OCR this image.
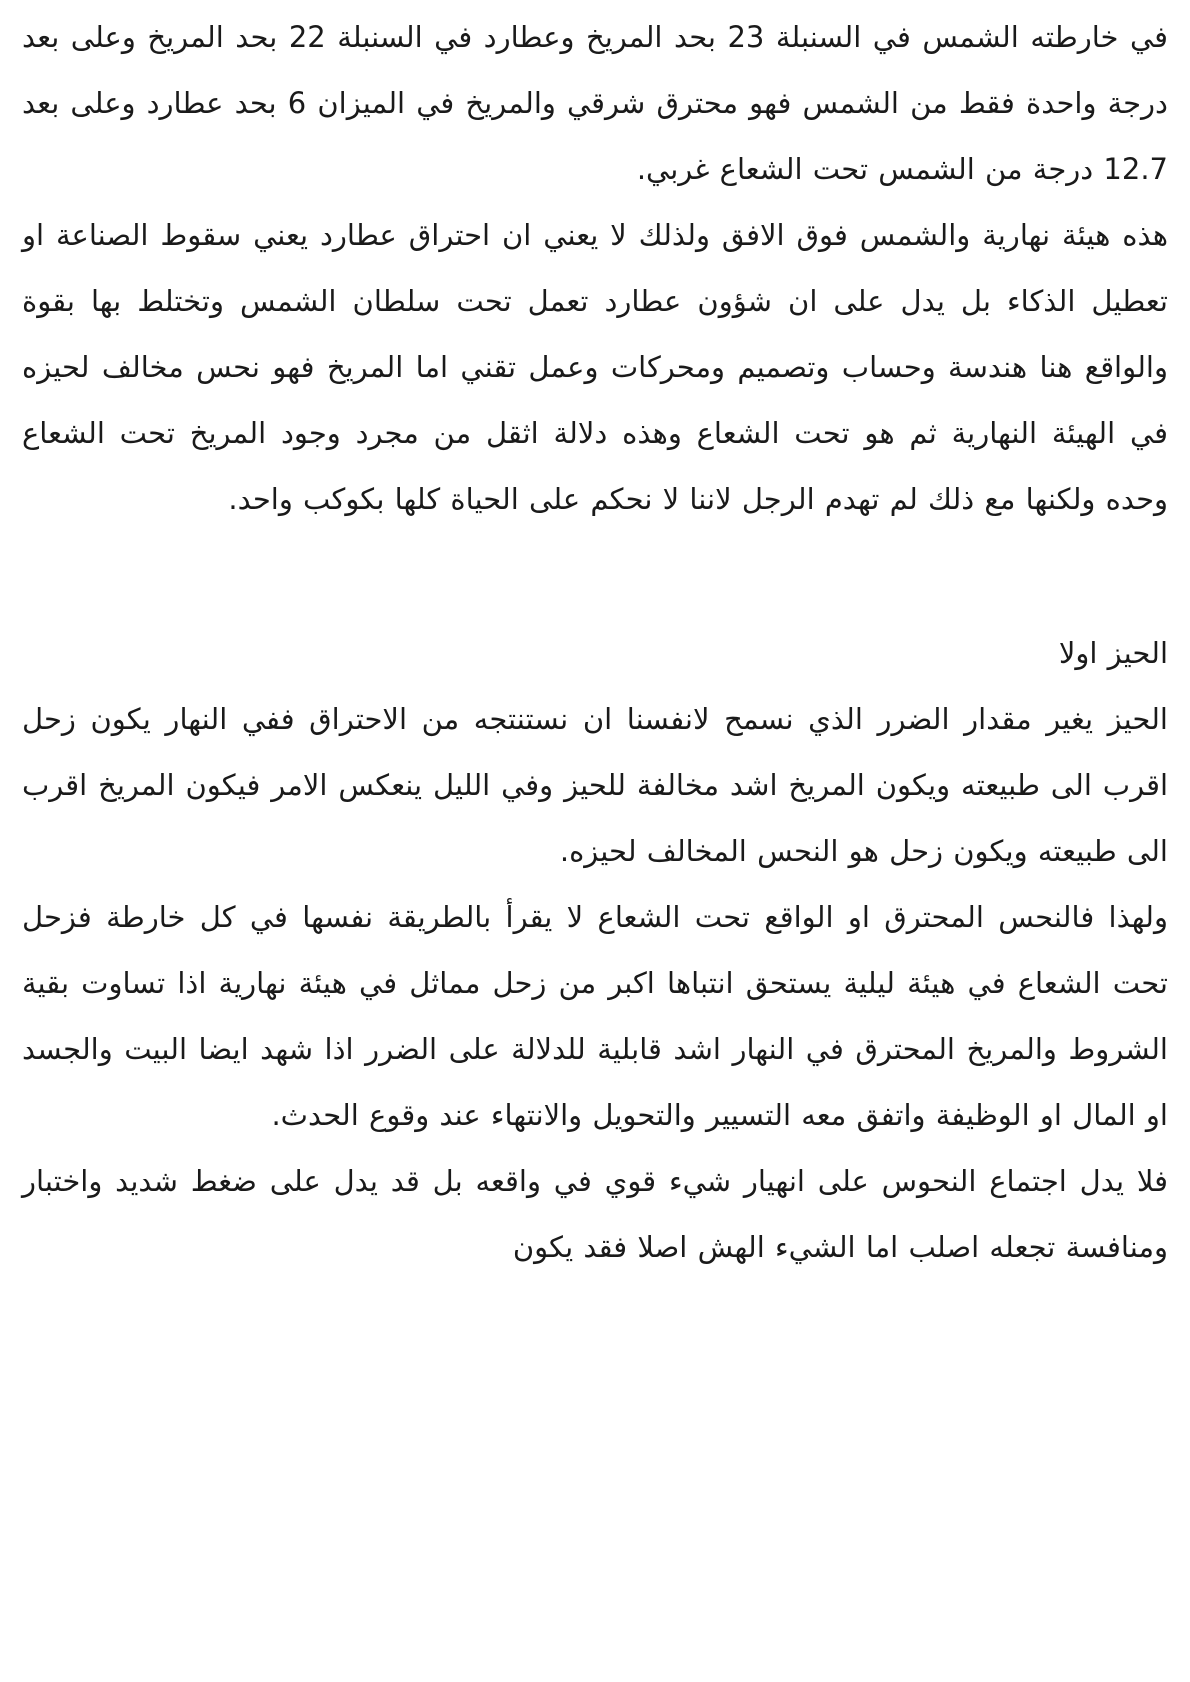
في خارطته الشمس في السنبلة 23 بحد المريخ وعطارد في السنبلة 22 بحد المريخ وعلى بعد درجة واحدة فقط من الشمس فهو محترق شرقي والمريخ في الميزان 6 بحد عطارد وعلى بعد 12.7 درجة من الشمس تحت الشعاع غربي.

هذه هيئة نهارية والشمس فوق الافق ولذلك لا يعني ان احتراق عطارد يعني سقوط الصناعة او تعطيل الذكاء بل يدل على ان شؤون عطارد تعمل تحت سلطان الشمس وتختلط بها بقوة والواقع هنا هندسة وحساب وتصميم ومحركات وعمل تقني اما المريخ فهو نحس مخالف لحيزه في الهيئة النهارية ثم هو تحت الشعاع وهذه دلالة اثقل من مجرد وجود المريخ تحت الشعاع وحده ولكنها مع ذلك لم تهدم الرجل لاننا لا نحكم على الحياة كلها بكوكب واحد.

الحيز اولا

الحيز يغير مقدار الضرر الذي نسمح لانفسنا ان نستنتجه من الاحتراق ففي النهار يكون زحل اقرب الى طبيعته ويكون المريخ اشد مخالفة للحيز وفي الليل ينعكس الامر فيكون المريخ اقرب الى طبيعته ويكون زحل هو النحس المخالف لحيزه.

ولهذا فالنحس المحترق او الواقع تحت الشعاع لا يقرأ بالطريقة نفسها في كل خارطة فزحل تحت الشعاع في هيئة ليلية يستحق انتباها اكبر من زحل مماثل في هيئة نهارية اذا تساوت بقية الشروط والمريخ المحترق في النهار اشد قابلية للدلالة على الضرر اذا شهد ايضا البيت والجسد او المال او الوظيفة واتفق معه التسيير والتحويل والانتهاء عند وقوع الحدث.

فلا يدل اجتماع النحوس على انهيار شيء قوي في واقعه بل قد يدل على ضغط شديد واختبار ومنافسة تجعله اصلب اما الشيء الهش اصلا فقد يكون
